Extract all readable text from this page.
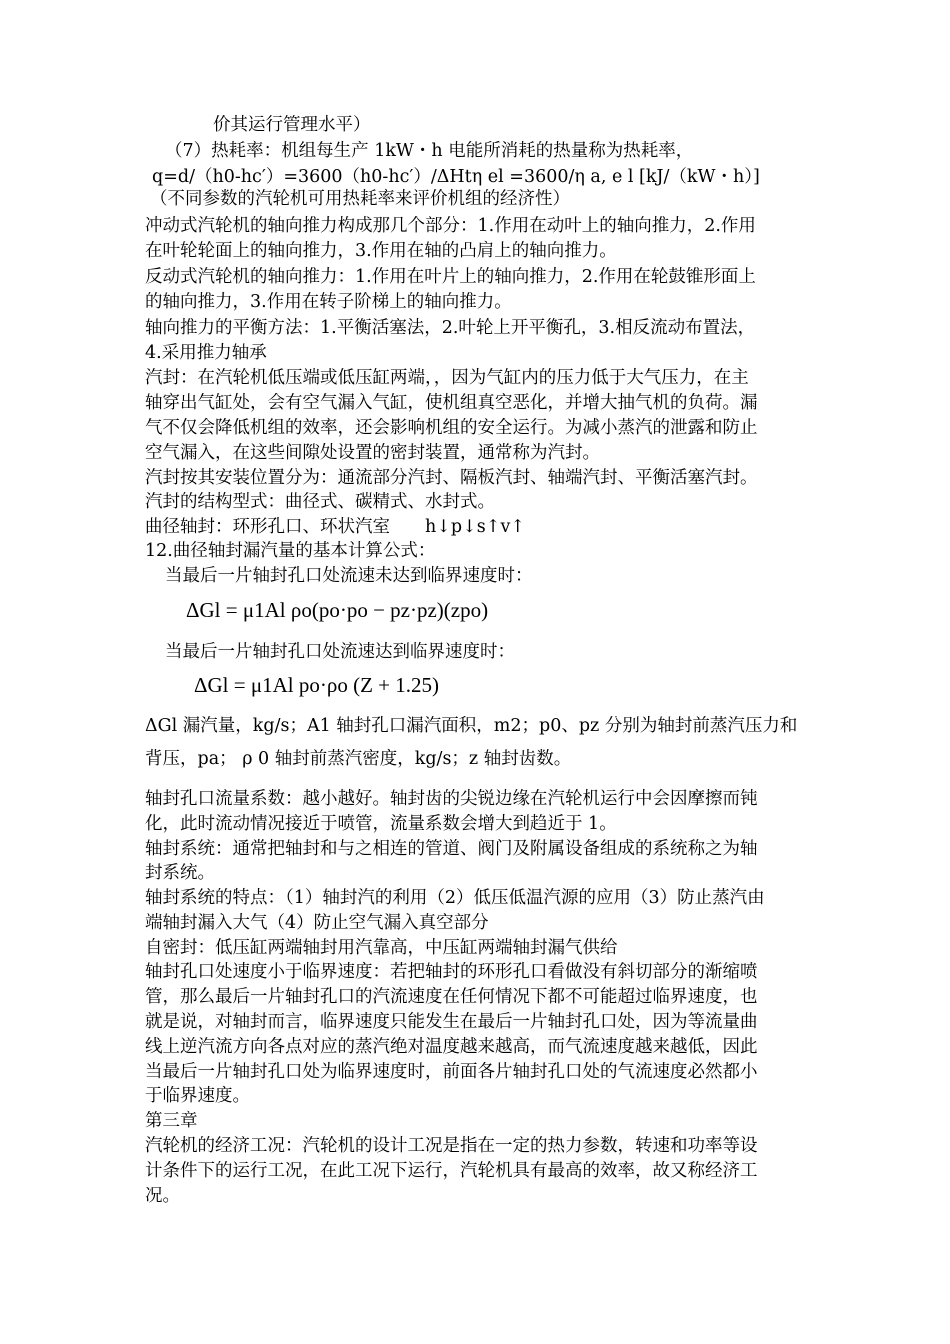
价其运行管理水平）
（7）热耗率：机组每生产 1kW・h 电能所消耗的热量称为热耗率，
q=d/（h0-hc′）=3600（h0-hc′）/ΔHtη el =3600/η a, e l [kJ/（kW・h）]
（不同参数的汽轮机可用热耗率来评价机组的经济性）
冲动式汽轮机的轴向推力构成那几个部分：1.作用在动叶上的轴向推力，2.作用
在叶轮轮面上的轴向推力，3.作用在轴的凸肩上的轴向推力。
反动式汽轮机的轴向推力：1.作用在叶片上的轴向推力，2.作用在轮鼓锥形面上
的轴向推力，3.作用在转子阶梯上的轴向推力。
轴向推力的平衡方法：1.平衡活塞法，2.叶轮上开平衡孔，3.相反流动布置法，
4.采用推力轴承
汽封：在汽轮机低压端或低压缸两端，，因为气缸内的压力低于大气压力，在主
轴穿出气缸处，会有空气漏入气缸，使机组真空恶化，并增大抽气机的负荷。漏
气不仅会降低机组的效率，还会影响机组的安全运行。为减小蒸汽的泄露和防止
空气漏入，在这些间隙处设置的密封装置，通常称为汽封。
汽封按其安装位置分为：通流部分汽封、隔板汽封、轴端汽封、平衡活塞汽封。
汽封的结构型式：曲径式、碳精式、水封式。
曲径轴封：环形孔口、环状汽室　　h↓p↓s↑v↑
12.曲径轴封漏汽量的基本计算公式：
当最后一片轴封孔口处流速未达到临界速度时：
ΔGl = μ1Al ρo(po·po − pz·pz)(zpo)
当最后一片轴封孔口处流速达到临界速度时：
ΔGl = μ1Al po·ρo (Z + 1.25)
ΔGl 漏汽量，kg/s；A1 轴封孔口漏汽面积，m2；p0、pz 分别为轴封前蒸汽压力和
背压，pa； ρ 0 轴封前蒸汽密度，kg/s；z 轴封齿数。
轴封孔口流量系数：越小越好。轴封齿的尖锐边缘在汽轮机运行中会因摩擦而钝
化，此时流动情况接近于喷管，流量系数会增大到趋近于 1。
轴封系统：通常把轴封和与之相连的管道、阀门及附属设备组成的系统称之为轴
封系统。
轴封系统的特点：（1）轴封汽的利用（2）低压低温汽源的应用（3）防止蒸汽由
端轴封漏入大气（4）防止空气漏入真空部分
自密封：低压缸两端轴封用汽靠高，中压缸两端轴封漏气供给
轴封孔口处速度小于临界速度：若把轴封的环形孔口看做没有斜切部分的渐缩喷
管，那么最后一片轴封孔口的汽流速度在任何情况下都不可能超过临界速度，也
就是说，对轴封而言，临界速度只能发生在最后一片轴封孔口处，因为等流量曲
线上逆汽流方向各点对应的蒸汽绝对温度越来越高，而气流速度越来越低，因此
当最后一片轴封孔口处为临界速度时，前面各片轴封孔口处的气流速度必然都小
于临界速度。
第三章
汽轮机的经济工况：汽轮机的设计工况是指在一定的热力参数，转速和功率等设
计条件下的运行工况，在此工况下运行，汽轮机具有最高的效率，故又称经济工
况。
